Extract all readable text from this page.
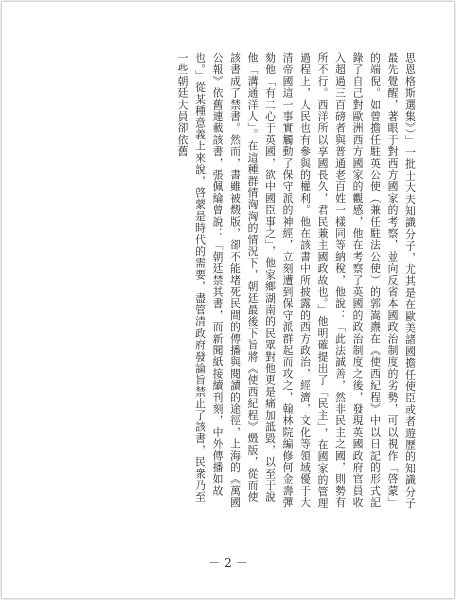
思恩格斯選集》）」一批士大夫知識分子，尤其是在歐美諸國擔任使臣或者遊歷的知識分子最先覺醒，著眼于對西方國家的考察，並向反省本國政治制度的劣勢，可以視作「啓蒙」的端倪。如曾擔任駐英公使（兼任駐法公使）的郭嵩燾在《使西紀程》中以日記的形式記錄了自己對歐洲西方國家的觀感，他在考察了英國的政治制度之後，發現英國政府官員收入超過三百磅者與普通老百姓一樣同等納稅，他說：「此法誠善，然非民主之國，則勢有所不行。西洋所以享國長久，君民兼主國政故也。」他明確提出了「民主」，在國家的管理過程上，人民也有參與的權利。他在該書中所披露的西方政治，經濟，文化等領域優于大清帝國這一事實觸動了保守派的神經，立刻遭到保守派群起而攻之，翰林院編修何金壽彈劾他「有二心于英國，欲中國臣事之」，他家鄉湖南的民眾對他更是痛加詆毀，以至于說他「溝通洋人」。在這種群情洶洶的情況下，朝廷最後下旨將《使西紀程》燬版，從而使該書成了禁書。然而，書雖被燬版，卻不能堵死民間的傳播與閱讀的途徑，上海的《萬國公報》依舊連載該書，張佩綸曾說：「朝廷禁其書，而新聞紙接續刊刻，中外傳播如故也。」從某種意義上來說，啓蒙是時代的需要，盡管清政府發論旨禁止了該書，民衆乃至一些朝廷大員卻依舊

－ 2 －
